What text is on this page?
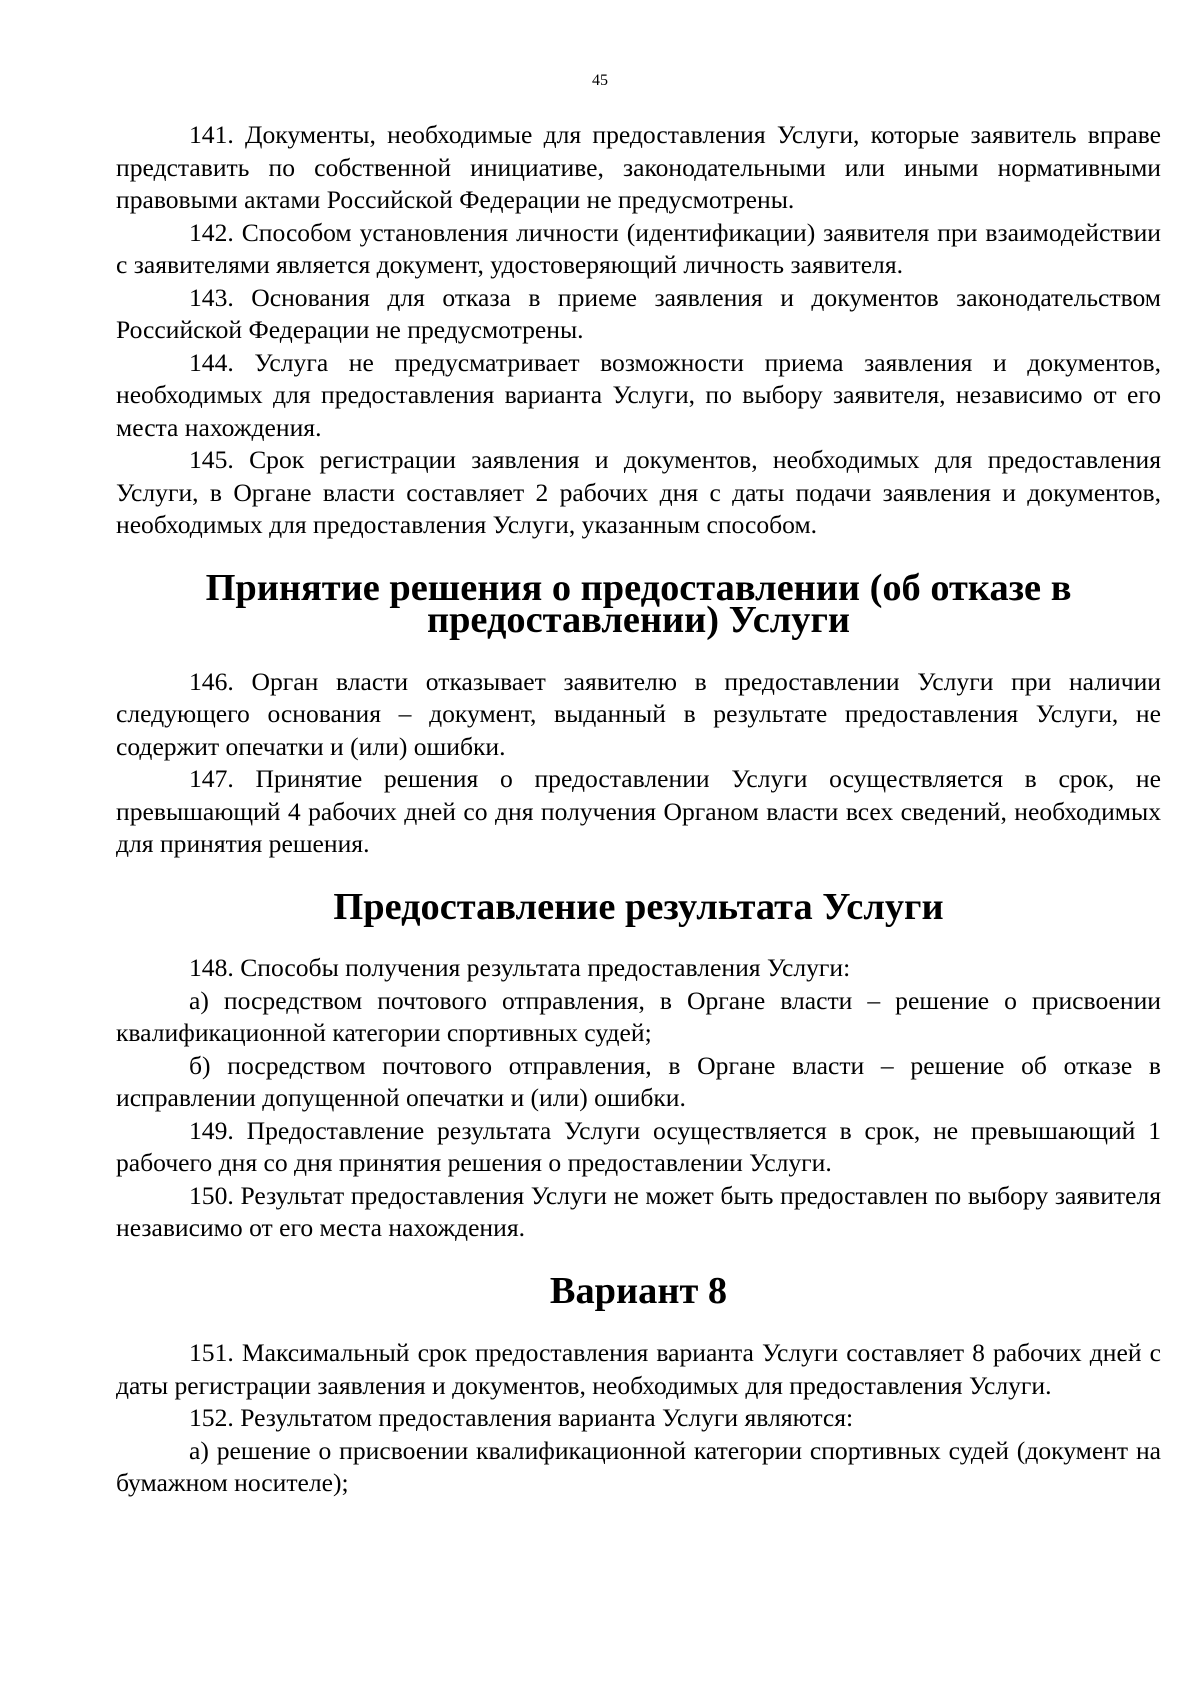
45

141. Документы, необходимые для предоставления Услуги, которые заявитель вправе представить по собственной инициативе, законодательными или иными нормативными правовыми актами Российской Федерации не предусмотрены.

142. Способом установления личности (идентификации) заявителя при взаимодействии с заявителями является документ, удостоверяющий личность заявителя.

143. Основания для отказа в приеме заявления и документов законодательством Российской Федерации не предусмотрены.

144. Услуга не предусматривает возможности приема заявления и документов, необходимых для предоставления варианта Услуги, по выбору заявителя, независимо от его места нахождения.

145. Срок регистрации заявления и документов, необходимых для предоставления Услуги, в Органе власти составляет 2 рабочих дня с даты подачи заявления и документов, необходимых для предоставления Услуги, указанным способом.

Принятие решения о предоставлении (об отказе в предоставлении) Услуги

146. Орган власти отказывает заявителю в предоставлении Услуги при наличии следующего основания – документ, выданный в результате предоставления Услуги, не содержит опечатки и (или) ошибки.

147. Принятие решения о предоставлении Услуги осуществляется в срок, не превышающий 4 рабочих дней со дня получения Органом власти всех сведений, необходимых для принятия решения.

Предоставление результата Услуги

148. Способы получения результата предоставления Услуги:

а) посредством почтового отправления, в Органе власти – решение о присвоении квалификационной категории спортивных судей;

б) посредством почтового отправления, в Органе власти – решение об отказе в исправлении допущенной опечатки и (или) ошибки.

149. Предоставление результата Услуги осуществляется в срок, не превышающий 1 рабочего дня со дня принятия решения о предоставлении Услуги.

150. Результат предоставления Услуги не может быть предоставлен по выбору заявителя независимо от его места нахождения.

Вариант 8

151. Максимальный срок предоставления варианта Услуги составляет 8 рабочих дней с даты регистрации заявления и документов, необходимых для предоставления Услуги.

152. Результатом предоставления варианта Услуги являются:

а) решение о присвоении квалификационной категории спортивных судей (документ на бумажном носителе);
